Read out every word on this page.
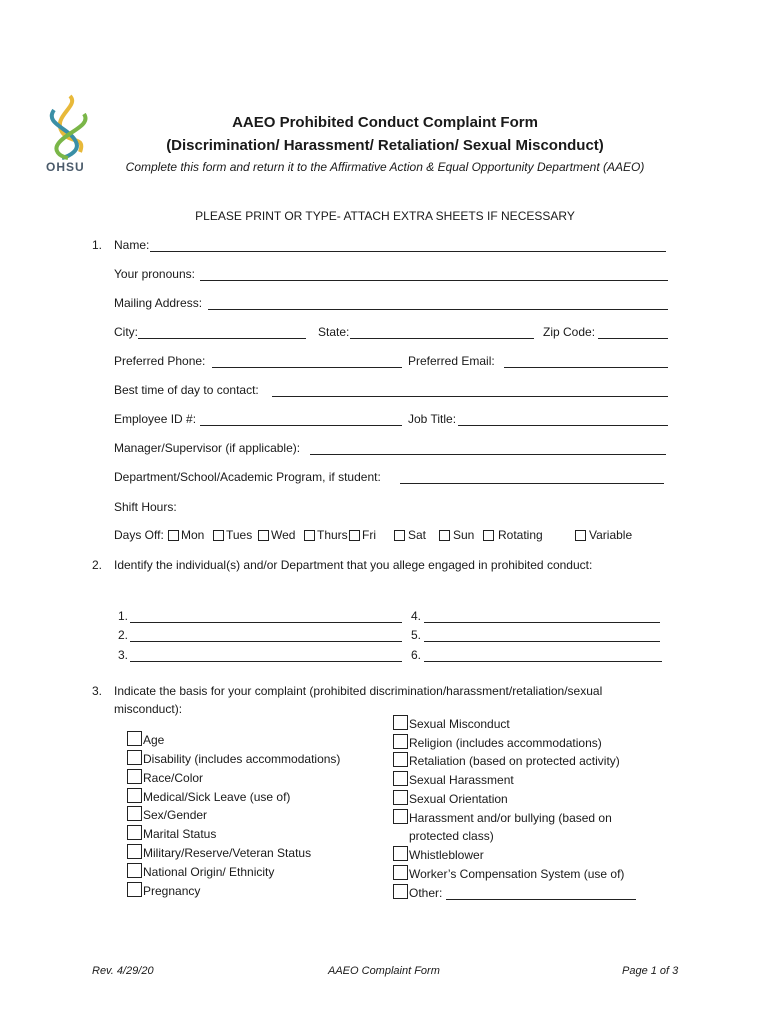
OHSU
AAEO Prohibited Conduct Complaint Form
(Discrimination/ Harassment/ Retaliation/ Sexual Misconduct)
Complete this form and return it to the Affirmative Action & Equal Opportunity Department (AAEO)
PLEASE PRINT OR TYPE- ATTACH EXTRA SHEETS IF NECESSARY
1. Name:
Your pronouns:
Mailing Address:
City:	State:	Zip Code:
Preferred Phone:	Preferred Email:
Best time of day to contact:
Employee ID #:	Job Title:
Manager/Supervisor (if applicable):
Department/School/Academic Program, if student:
Shift Hours:
Days Off: Mon Tues Wed Thurs Fri	Sat Sun Rotating	Variable
2. Identify the individual(s) and/or Department that you allege engaged in prohibited conduct:
1.
2.
3.
4.
5.
6.
3. Indicate the basis for your complaint (prohibited discrimination/harassment/retaliation/sexual
misconduct):
Age
Disability (includes accommodations)
Race/Color
Medical/Sick Leave (use of)
Sex/Gender
Marital Status
Military/Reserve/Veteran Status
National Origin/ Ethnicity
Pregnancy
Sexual Misconduct
Religion (includes accommodations)
Retaliation (based on protected activity)
Sexual Harassment
Sexual Orientation
Harassment and/or bullying (based on
protected class)
Whistleblower
Worker’s Compensation System (use of)
Other:
Rev. 4/29/20	AAEO Complaint Form	Page 1 of 3
